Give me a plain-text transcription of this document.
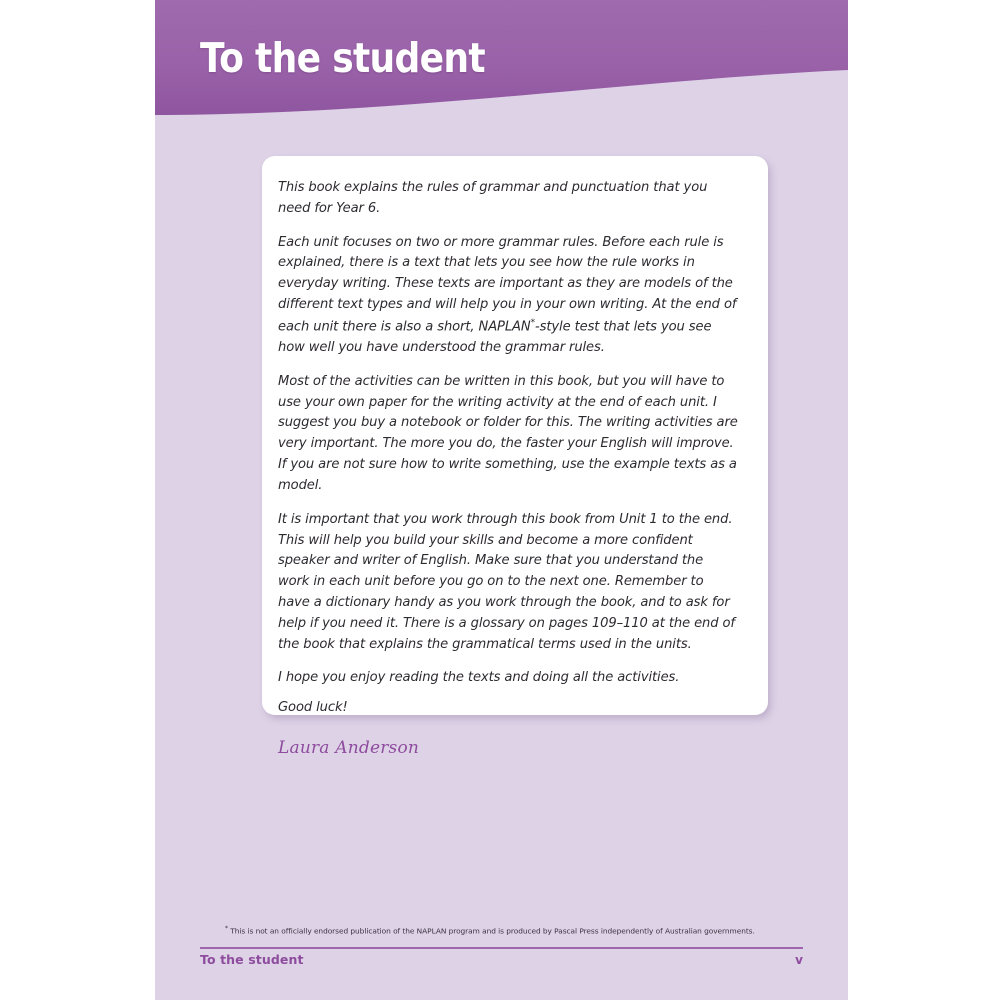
To the student

This book explains the rules of grammar and punctuation that you need for Year 6.

Each unit focuses on two or more grammar rules. Before each rule is explained, there is a text that lets you see how the rule works in everyday writing. These texts are important as they are models of the different text types and will help you in your own writing. At the end of each unit there is also a short, NAPLAN*-style test that lets you see how well you have understood the grammar rules.

Most of the activities can be written in this book, but you will have to use your own paper for the writing activity at the end of each unit. I suggest you buy a notebook or folder for this. The writing activities are very important. The more you do, the faster your English will improve. If you are not sure how to write something, use the example texts as a model.

It is important that you work through this book from Unit 1 to the end. This will help you build your skills and become a more confident speaker and writer of English. Make sure that you understand the work in each unit before you go on to the next one. Remember to have a dictionary handy as you work through the book, and to ask for help if you need it. There is a glossary on pages 109–110 at the end of the book that explains the grammatical terms used in the units.

I hope you enjoy reading the texts and doing all the activities.

Good luck!

Laura Anderson

* This is not an officially endorsed publication of the NAPLAN program and is produced by Pascal Press independently of Australian governments.
To the student	v
